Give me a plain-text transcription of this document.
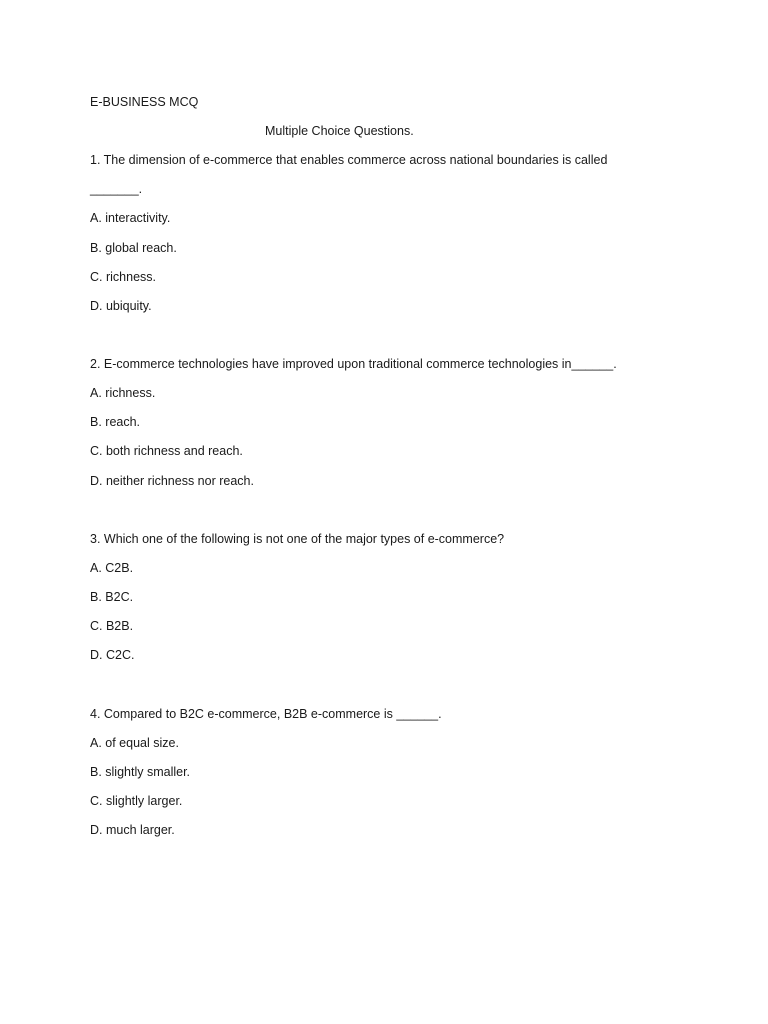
E-BUSINESS MCQ
Multiple Choice Questions.
1. The dimension of e-commerce that enables commerce across national boundaries is called
_______.
A. interactivity.
B. global reach.
C. richness.
D. ubiquity.
2. E-commerce technologies have improved upon traditional commerce technologies in______.
A. richness.
B. reach.
C. both richness and reach.
D. neither richness nor reach.
3. Which one of the following is not one of the major types of e-commerce?
A. C2B.
B. B2C.
C. B2B.
D. C2C.
4. Compared to B2C e-commerce, B2B e-commerce is ______.
A. of equal size.
B. slightly smaller.
C. slightly larger.
D. much larger.
